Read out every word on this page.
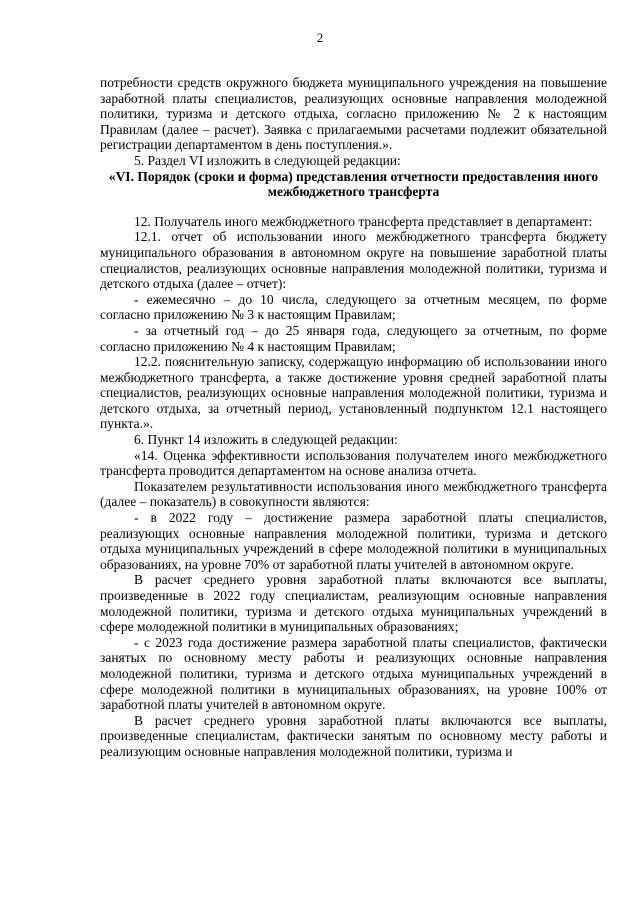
2

потребности средств окружного бюджета муниципального учреждения на повышение заработной платы специалистов, реализующих основные направления молодежной политики, туризма и детского отдыха, согласно приложению № 2 к настоящим Правилам (далее – расчет). Заявка с прилагаемыми расчетами подлежит обязательной регистрации департаментом в день поступления.».

5. Раздел VI изложить в следующей редакции:

«VI. Порядок (сроки и форма) представления отчетности предоставления иного межбюджетного трансферта

12. Получатель иного межбюджетного трансферта представляет в департамент:

12.1. отчет об использовании иного межбюджетного трансферта бюджету муниципального образования в автономном округе на повышение заработной платы специалистов, реализующих основные направления молодежной политики, туризма и детского отдыха (далее – отчет):

- ежемесячно – до 10 числа, следующего за отчетным месяцем, по форме согласно приложению № 3 к настоящим Правилам;

- за отчетный год – до 25 января года, следующего за отчетным, по форме согласно приложению № 4 к настоящим Правилам;

12.2. пояснительную записку, содержащую информацию об использовании иного межбюджетного трансферта, а также достижение уровня средней заработной платы специалистов, реализующих основные направления молодежной политики, туризма и детского отдыха, за отчетный период, установленный подпунктом 12.1 настоящего пункта.».

6. Пункт 14 изложить в следующей редакции:

«14. Оценка эффективности использования получателем иного межбюджетного трансферта проводится департаментом на основе анализа отчета.

Показателем результативности использования иного межбюджетного трансферта (далее – показатель) в совокупности являются:

- в 2022 году – достижение размера заработной платы специалистов, реализующих основные направления молодежной политики, туризма и детского отдыха муниципальных учреждений в сфере молодежной политики в муниципальных образованиях, на уровне 70% от заработной платы учителей в автономном округе.

В расчет среднего уровня заработной платы включаются все выплаты, произведенные в 2022 году специалистам, реализующим основные направления молодежной политики, туризма и детского отдыха муниципальных учреждений в сфере молодежной политики в муниципальных образованиях;

- с 2023 года достижение размера заработной платы специалистов, фактически занятых по основному месту работы и реализующих основные направления молодежной политики, туризма и детского отдыха муниципальных учреждений в сфере молодежной политики в муниципальных образованиях, на уровне 100% от заработной платы учителей в автономном округе.

В расчет среднего уровня заработной платы включаются все выплаты, произведенные специалистам, фактически занятым по основному месту работы и реализующим основные направления молодежной политики, туризма и
